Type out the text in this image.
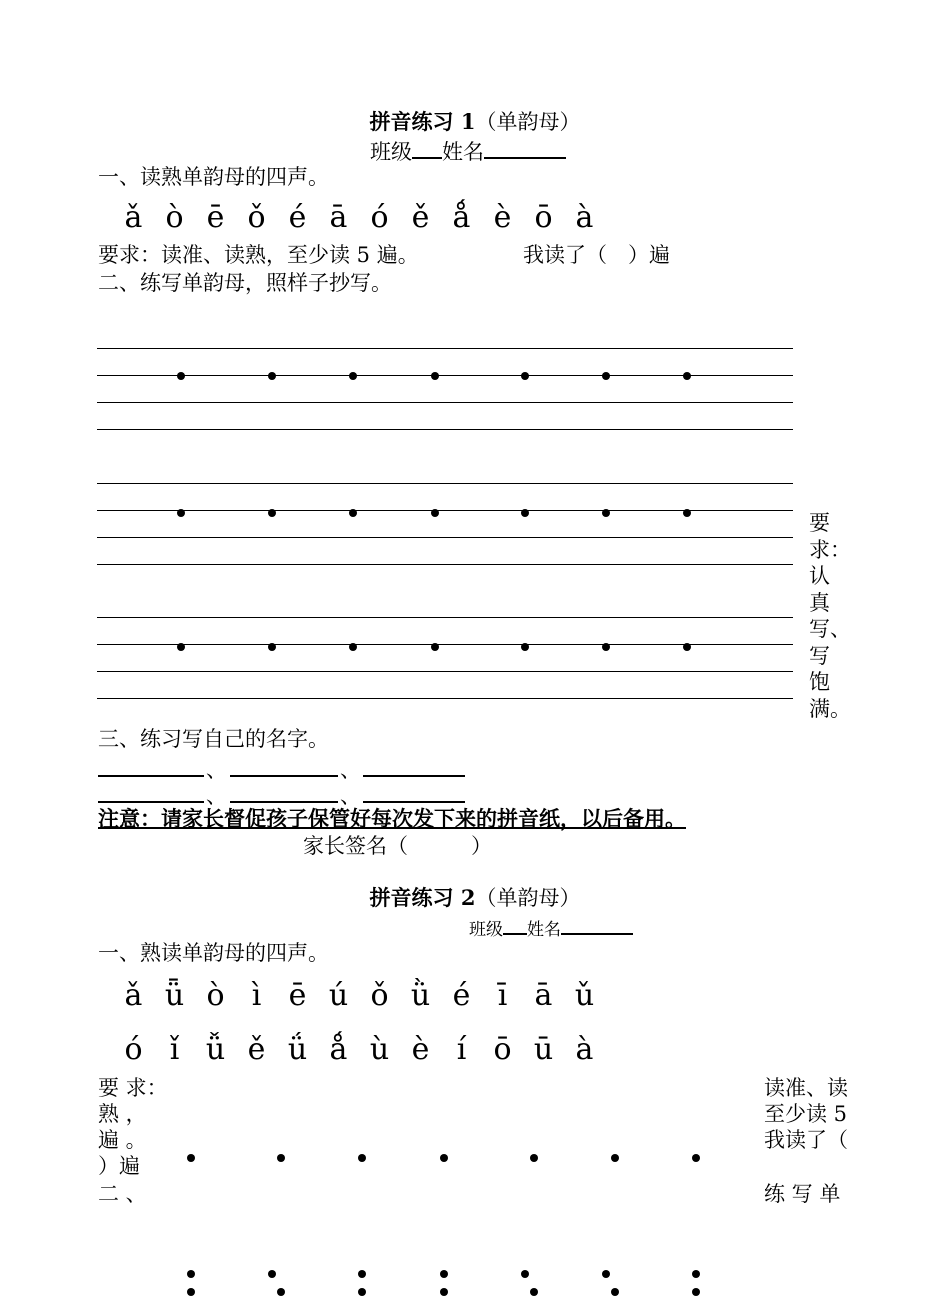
拼音练习 1（单韵母）
班级 姓名
一、读熟单韵母的四声。
ǎ ò ē ǒ é ā ó ě ǻ è ō à
要求：读准、读熟，至少读 5 遍。	我读了（　）遍
二、练写单韵母，照样子抄写。
要
求：
认
真
写、
写
饱
满。
三、练习写自己的名字。
、	、
、	、
注意：请家长督促孩子保管好每次发下来的拼音纸，以后备用。
家长签名（　　　）
拼音练习 2（单韵母）
班级 姓名
一、熟读单韵母的四声。
ǎ ǖ ò ì ē ú ǒ ǜ é ī ā ǔ
ó ǐ ǚ ě ǘ ǻ ù è í ō ū à
要 求：
熟 ，
遍 。
）遍
二 、
读准、读
至少读 5
我读了（
练 写 单
